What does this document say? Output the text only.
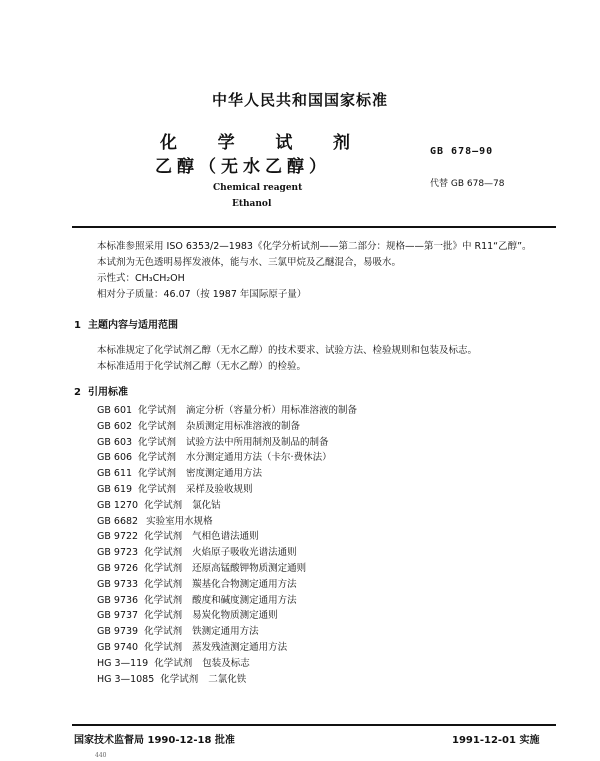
中华人民共和国国家标准
化 学 试 剂
乙醇（无水乙醇）
Chemical reagent
Ethanol
GB 678—90
代替 GB 678—78
本标准参照采用 ISO 6353/2—1983《化学分析试剂——第二部分：规格——第一批》中 R11“乙醇”。
本试剂为无色透明易挥发液体，能与水、三氯甲烷及乙醚混合，易吸水。
示性式：CH₃CH₂OH
相对分子质量：46.07（按 1987 年国际原子量）
1 主题内容与适用范围
本标准规定了化学试剂乙醇（无水乙醇）的技术要求、试验方法、检验规则和包装及标志。
本标准适用于化学试剂乙醇（无水乙醇）的检验。
2 引用标准
GB 601 化学试剂 滴定分析（容量分析）用标准溶液的制备
GB 602 化学试剂 杂质测定用标准溶液的制备
GB 603 化学试剂 试验方法中所用制剂及制品的制备
GB 606 化学试剂 水分测定通用方法（卡尔·费休法）
GB 611 化学试剂 密度测定通用方法
GB 619 化学试剂 采样及验收规则
GB 1270 化学试剂 氯化钴
GB 6682 实验室用水规格
GB 9722 化学试剂 气相色谱法通则
GB 9723 化学试剂 火焰原子吸收光谱法通则
GB 9726 化学试剂 还原高锰酸钾物质测定通则
GB 9733 化学试剂 羰基化合物测定通用方法
GB 9736 化学试剂 酸度和碱度测定通用方法
GB 9737 化学试剂 易炭化物质测定通则
GB 9739 化学试剂 铁测定通用方法
GB 9740 化学试剂 蒸发残渣测定通用方法
HG 3—119 化学试剂 包装及标志
HG 3—1085 化学试剂 二氯化铁
国家技术监督局 1990-12-18 批准	1991-12-01 实施
440
